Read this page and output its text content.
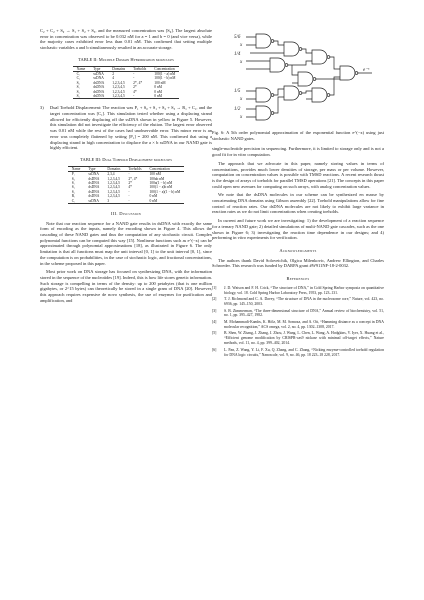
C₂ + C₂ + S₀ → S₁ + S₂ + S₃, and the measured concentration was [S₀]. The largest absolute error in concentration was observed to be 0.032 nM for a = 1 and b = 0 (and vice versa), while the majority cases exhibited error less than 0.01 nM. This confirmed that setting multiple stochastic variables a and b simultaneously resulted in an accurate storage.

TABLE II: Multiple Domain Hybridization molecules
Name	Type	Domains	Toeholds	Concentration
C₁	ssDNA	2	-	100(1 − a) nM
C₂	ssDNA	4	-	100(1 − b) nM
S₀	dsDNA	1,2,3,4,5	2*, 4*	100 nM
S₁	dsDNA	1,2,3,4,5	2*	0 nM
S₂	dsDNA	1,2,3,4,5	4*	0 nM
S₃	dsDNA	1,2,3,4,5	-	0 nM
3)	Dual Toehold Displacement: The reaction was P₁ + S₀ + S₁ + S₂ + S₃ → R₁ + C₁, and the target concentration was [C₁]. This simulation tested whether using a displacing strand allowed for efficiently displacing off the ssDNA shown in yellow in Figure 5. However, this simulation did not investigate the efficiency of the elution. The largest error observed was 0.01 nM while the rest of the cases had unobservable error. This minor error is an error was completely flattened by setting [P₁] = 200 nM. This confirmed that using a displacing strand in high concentration to displace the a × b ssDNA in our NAND gate is highly efficient.
TABLE III: Dual Toehold Displacement molecules
Name	Type	Domains	Toeholds	Concentration
P₁	ssDNA	2,3,4	-	100 nM
S₀	dsDNA	1,2,3,4,5	2*, 4*	100ab nM
S₁	dsDNA	1,2,3,4,5	2*	100a(1 − b) nM
S₂	dsDNA	1,2,3,4,5	4*	100(1 − a)b nM
S₃	dsDNA	1,2,3,4,5	-	100(1 − a)(1 − b) nM
R₁	dsDNA	1,2,3,4,5	-	0 nM
C₁	ssDNA	3	-	0 nM
III. Discussion

Note that our reaction sequence for a NAND gate results in dsDNA with exactly the same form of encoding as the inputs, namely the encoding shown in Figure 4. This allows the cascading of these NAND gates and thus the computation of any stochastic circuit. Complex polynomial functions can be computed this way [15]. Nonlinear functions such as e^(−x) can be approximated through polynomial approximations [18], as illustrated in Figure 6. The only limitation is that all functions must map the unit interval [0, 1] to the unit interval [0, 1], since the computation is on probabilities, in the case of stochastic logic, and fractional concentrations, in the scheme proposed in this paper.

Most prior work on DNA storage has focused on synthesizing DNA, with the information stored in the sequence of the nucleotides [19]. Indeed, this is how life stores genetic information. Such storage is compelling in terms of the density: up to 200 petabytes (that is one million gigabytes, or 2^15 bytes) can theoretically be stored in a single gram of DNA [20]. However, this approach requires expensive de novo synthesis, the use of enzymes for purification and amplification, and

5/6
x
1/4
x
1/5
x
1/2
x
e⁻ˣ

Fig. 6: A 5th order polynomial approximation of the exponential function e^(−x) using just stochastic NAND gates.

single-nucleotide precision in sequencing. Furthermore, it is limited to storage only and is not a good fit for in vitro computation.

The approach that we advocate in this paper, namely storing values in terms of concentrations, provides much lower densities of storage, per mass or per volume. However, computation on concentration values is possible with TMSD reactions. A recent research thrust is the design of arrays of toeholds for parallel TMSD operations [21]. The concepts in this paper could open new avenues for computing on such arrays, with analog concentration values.

We note that the dsDNA molecules in our scheme can be synthesized en masse by concatenating DNA domains using Gibson assembly [22]. Toehold manipulations allow for fine control of reaction rates. Our dsDNA molecules are not likely to exhibit large variance in reaction rates as we do not limit concentrations when creating toeholds.

In current and future work we are investigating: 1) the development of a reaction sequence for a ternary NAND gate; 2) detailed simulations of multi-NAND gate cascades, such as the one shown in Figure 6; 3) investigating the reaction time dependence in our designs; and 4) performing in vitro experiments for verification.

Acknowledgments

The authors thank David Soloveichik, Olgica Milenkovic, Andrew Ellington, and Charles Schroeder. This research was funded by DARPA grant #W911NF-18-2-0032.

References
[1]	J. D. Watson and F. H. Crick, “The structure of DNA,” in Cold Spring Harbor symposia on quantitative biology, vol. 18. Cold Spring Harbor Laboratory Press, 1953, pp. 123–131.
[2]	T. J. Richmond and C. A. Davey, “The structure of DNA in the nucleosome core,” Nature, vol. 423, no. 6936, pp. 145–150, 2003.
[3]	S. B. Zimmerman, “The three-dimensional structure of DNA,” Annual review of biochemistry, vol. 51, no. 1, pp. 395–427, 1982.
[4]	M. Mohammadi-Kambs, K. Hölz, M. M. Somoza, and A. Ott, “Hamming distance as a concept in DNA molecular recognition,” ACS omega, vol. 2, no. 4, pp. 1302–1308, 2017.
[5]	B. Shen, W. Zhang, J. Zhang, J. Zhou, J. Wang, L. Chen, L. Wang, A. Hodgkins, V. Iyer, X. Huang et al., “Efficient genome modification by CRISPR-cas9 nickase with minimal off-target effects,” Nature methods, vol. 11, no. 4, pp. 399–402, 2014.
[6]	L. Pan, Z. Wang, Y. Li, F. Xu, Q. Zhang, and C. Zhang, “Nicking enzyme-controlled toehold regulation for DNA logic circuits,” Nanoscale, vol. 9, no. 46, pp. 18 223–18 228, 2017.
